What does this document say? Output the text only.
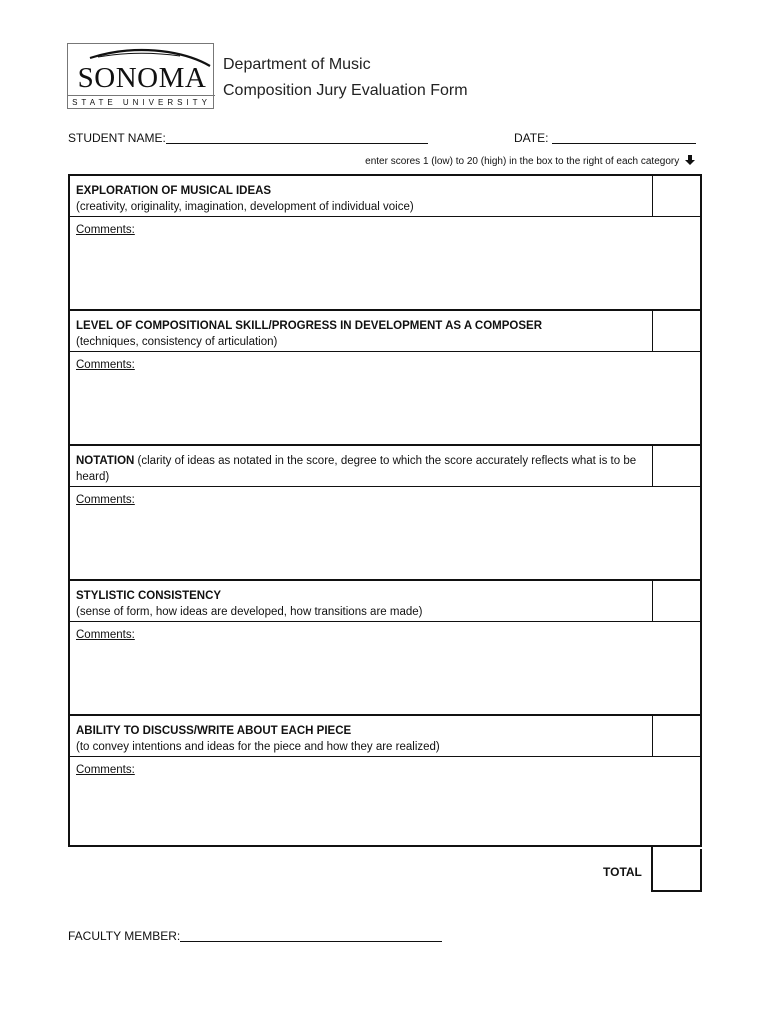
SONOMA
STATE UNIVERSITY
Department of Music
Composition Jury Evaluation Form
STUDENT NAME:	DATE:
enter scores 1 (low) to 20 (high) in the box to the right of each category
EXPLORATION OF MUSICAL IDEAS
(creativity, originality, imagination, development of individual voice)
Comments:
LEVEL OF COMPOSITIONAL SKILL/PROGRESS IN DEVELOPMENT AS A COMPOSER
(techniques, consistency of articulation)
Comments:
NOTATION (clarity of ideas as notated in the score, degree to which the score accurately reflects what is to be heard)
Comments:
STYLISTIC CONSISTENCY
(sense of form, how ideas are developed, how transitions are made)
Comments:
ABILITY TO DISCUSS/WRITE ABOUT EACH PIECE
(to convey intentions and ideas for the piece and how they are realized)
Comments:
TOTAL
FACULTY MEMBER:
